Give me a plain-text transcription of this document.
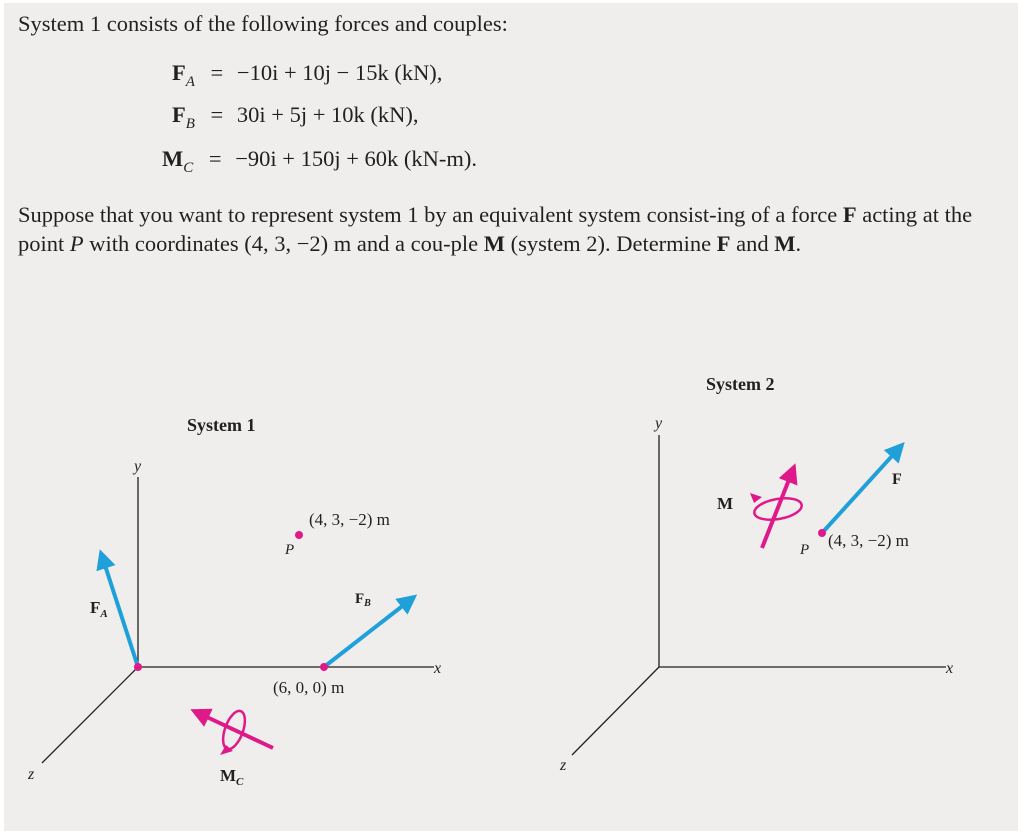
System 1 consists of the following forces and couples:

$F_A = -10i + 10j - 15k$ (kN),
$F_B = 30i + 5j + 10k$ (kN),
$M_C = -90i + 150j + 60k$ (kN-m).

Suppose that you want to represent system 1 by an equivalent system consist-ing of a force F acting at the point P with coordinates (4, 3, −2) m and a cou-ple M (system 2). Determine F and M.

System 1
y
x
z
$F_A$
P
(4, 3, −2) m
$F_B$
(6, 0, 0) m
$M_C$
System 2
y
x
z
F
P (4, 3, −2) m
M
